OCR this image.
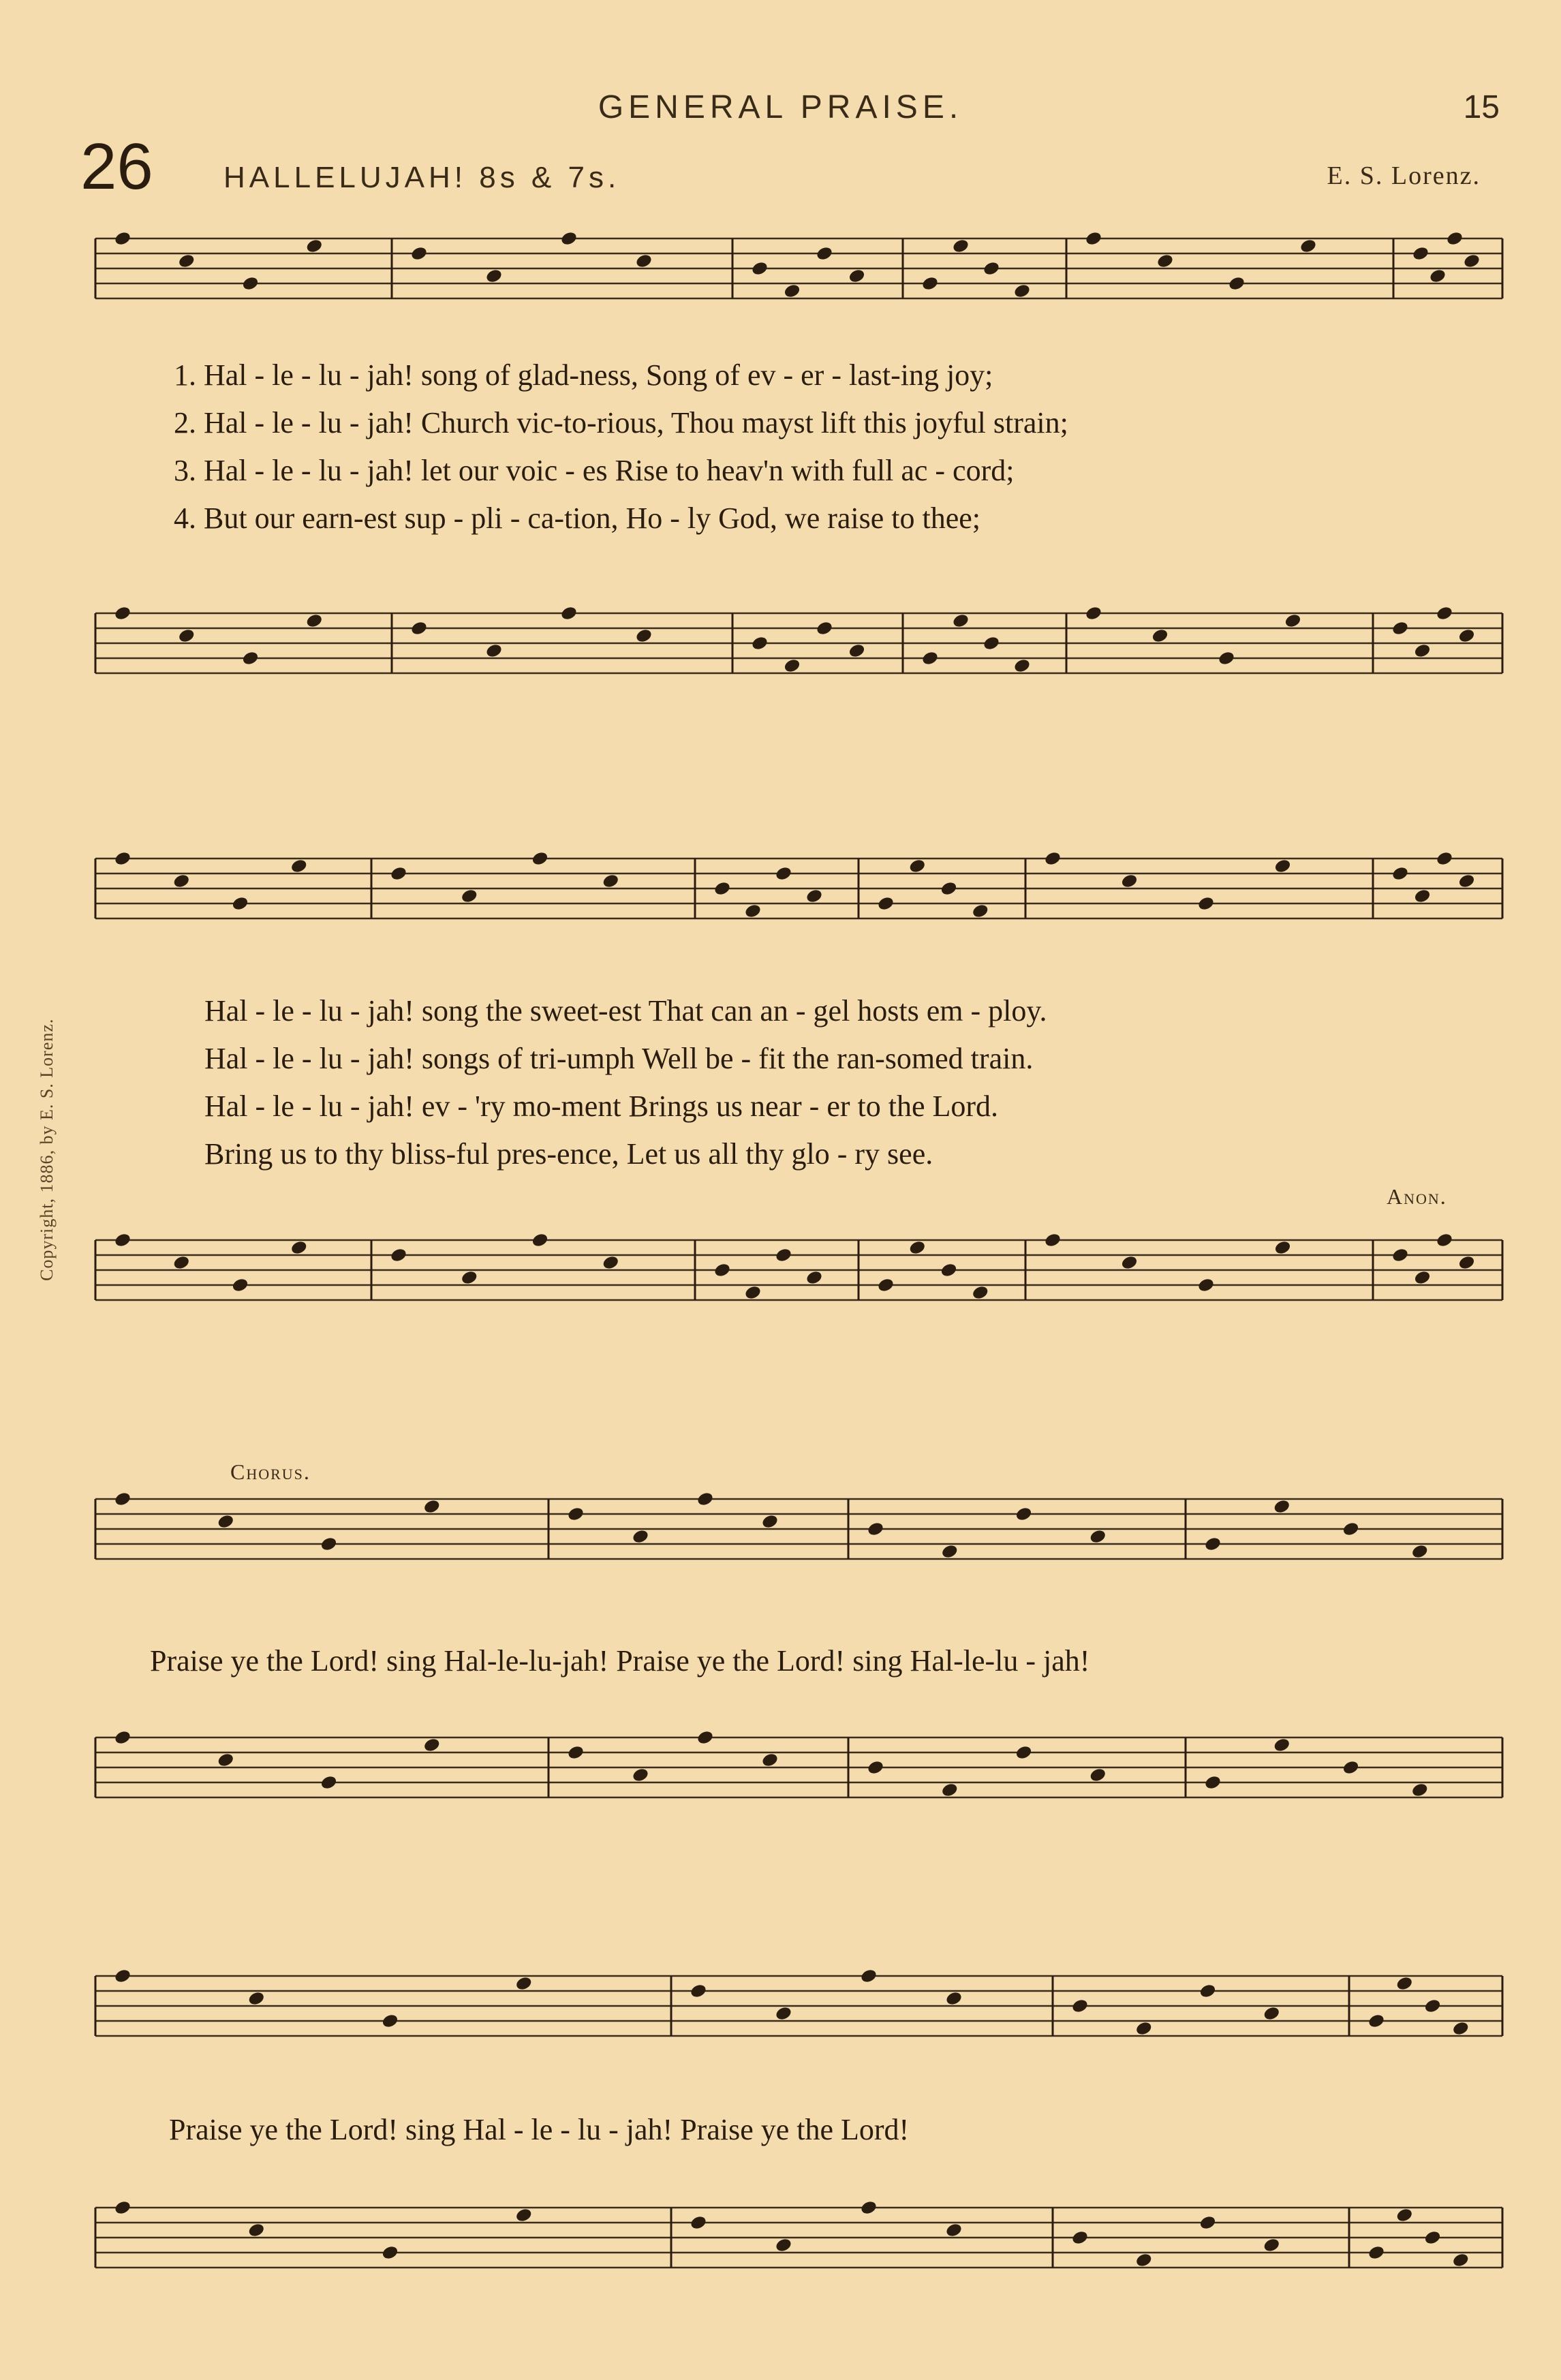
GENERAL PRAISE.	15
26 HALLELUJAH! 8s & 7s.	E. S. Lorenz.
Copyright, 1886, by E. S. Lorenz.
1. Hal - le - lu - jah! song of glad-ness, Song of ev - er - last-ing joy;
2. Hal - le - lu - jah! Church vic-to-rious, Thou mayst lift this joyful strain;
3. Hal - le - lu - jah! let our voic - es Rise to heav'n with full ac - cord;
4. But our earn-est sup - pli - ca-tion, Ho - ly God, we raise to thee;
Hal - le - lu - jah! song the sweet-est That can an - gel hosts em - ploy.
Hal - le - lu - jah! songs of tri-umph Well be - fit the ran-somed train.
Hal - le - lu - jah! ev - 'ry mo-ment Brings us near - er to the Lord.
Bring us to thy bliss-ful pres-ence, Let us all thy glo - ry see.
Anon.
Chorus.
Praise ye the Lord! sing Hal-le-lu-jah! Praise ye the Lord! sing Hal-le-lu - jah!
Praise ye the Lord! sing Hal - le - lu - jah! Praise ye the Lord!
